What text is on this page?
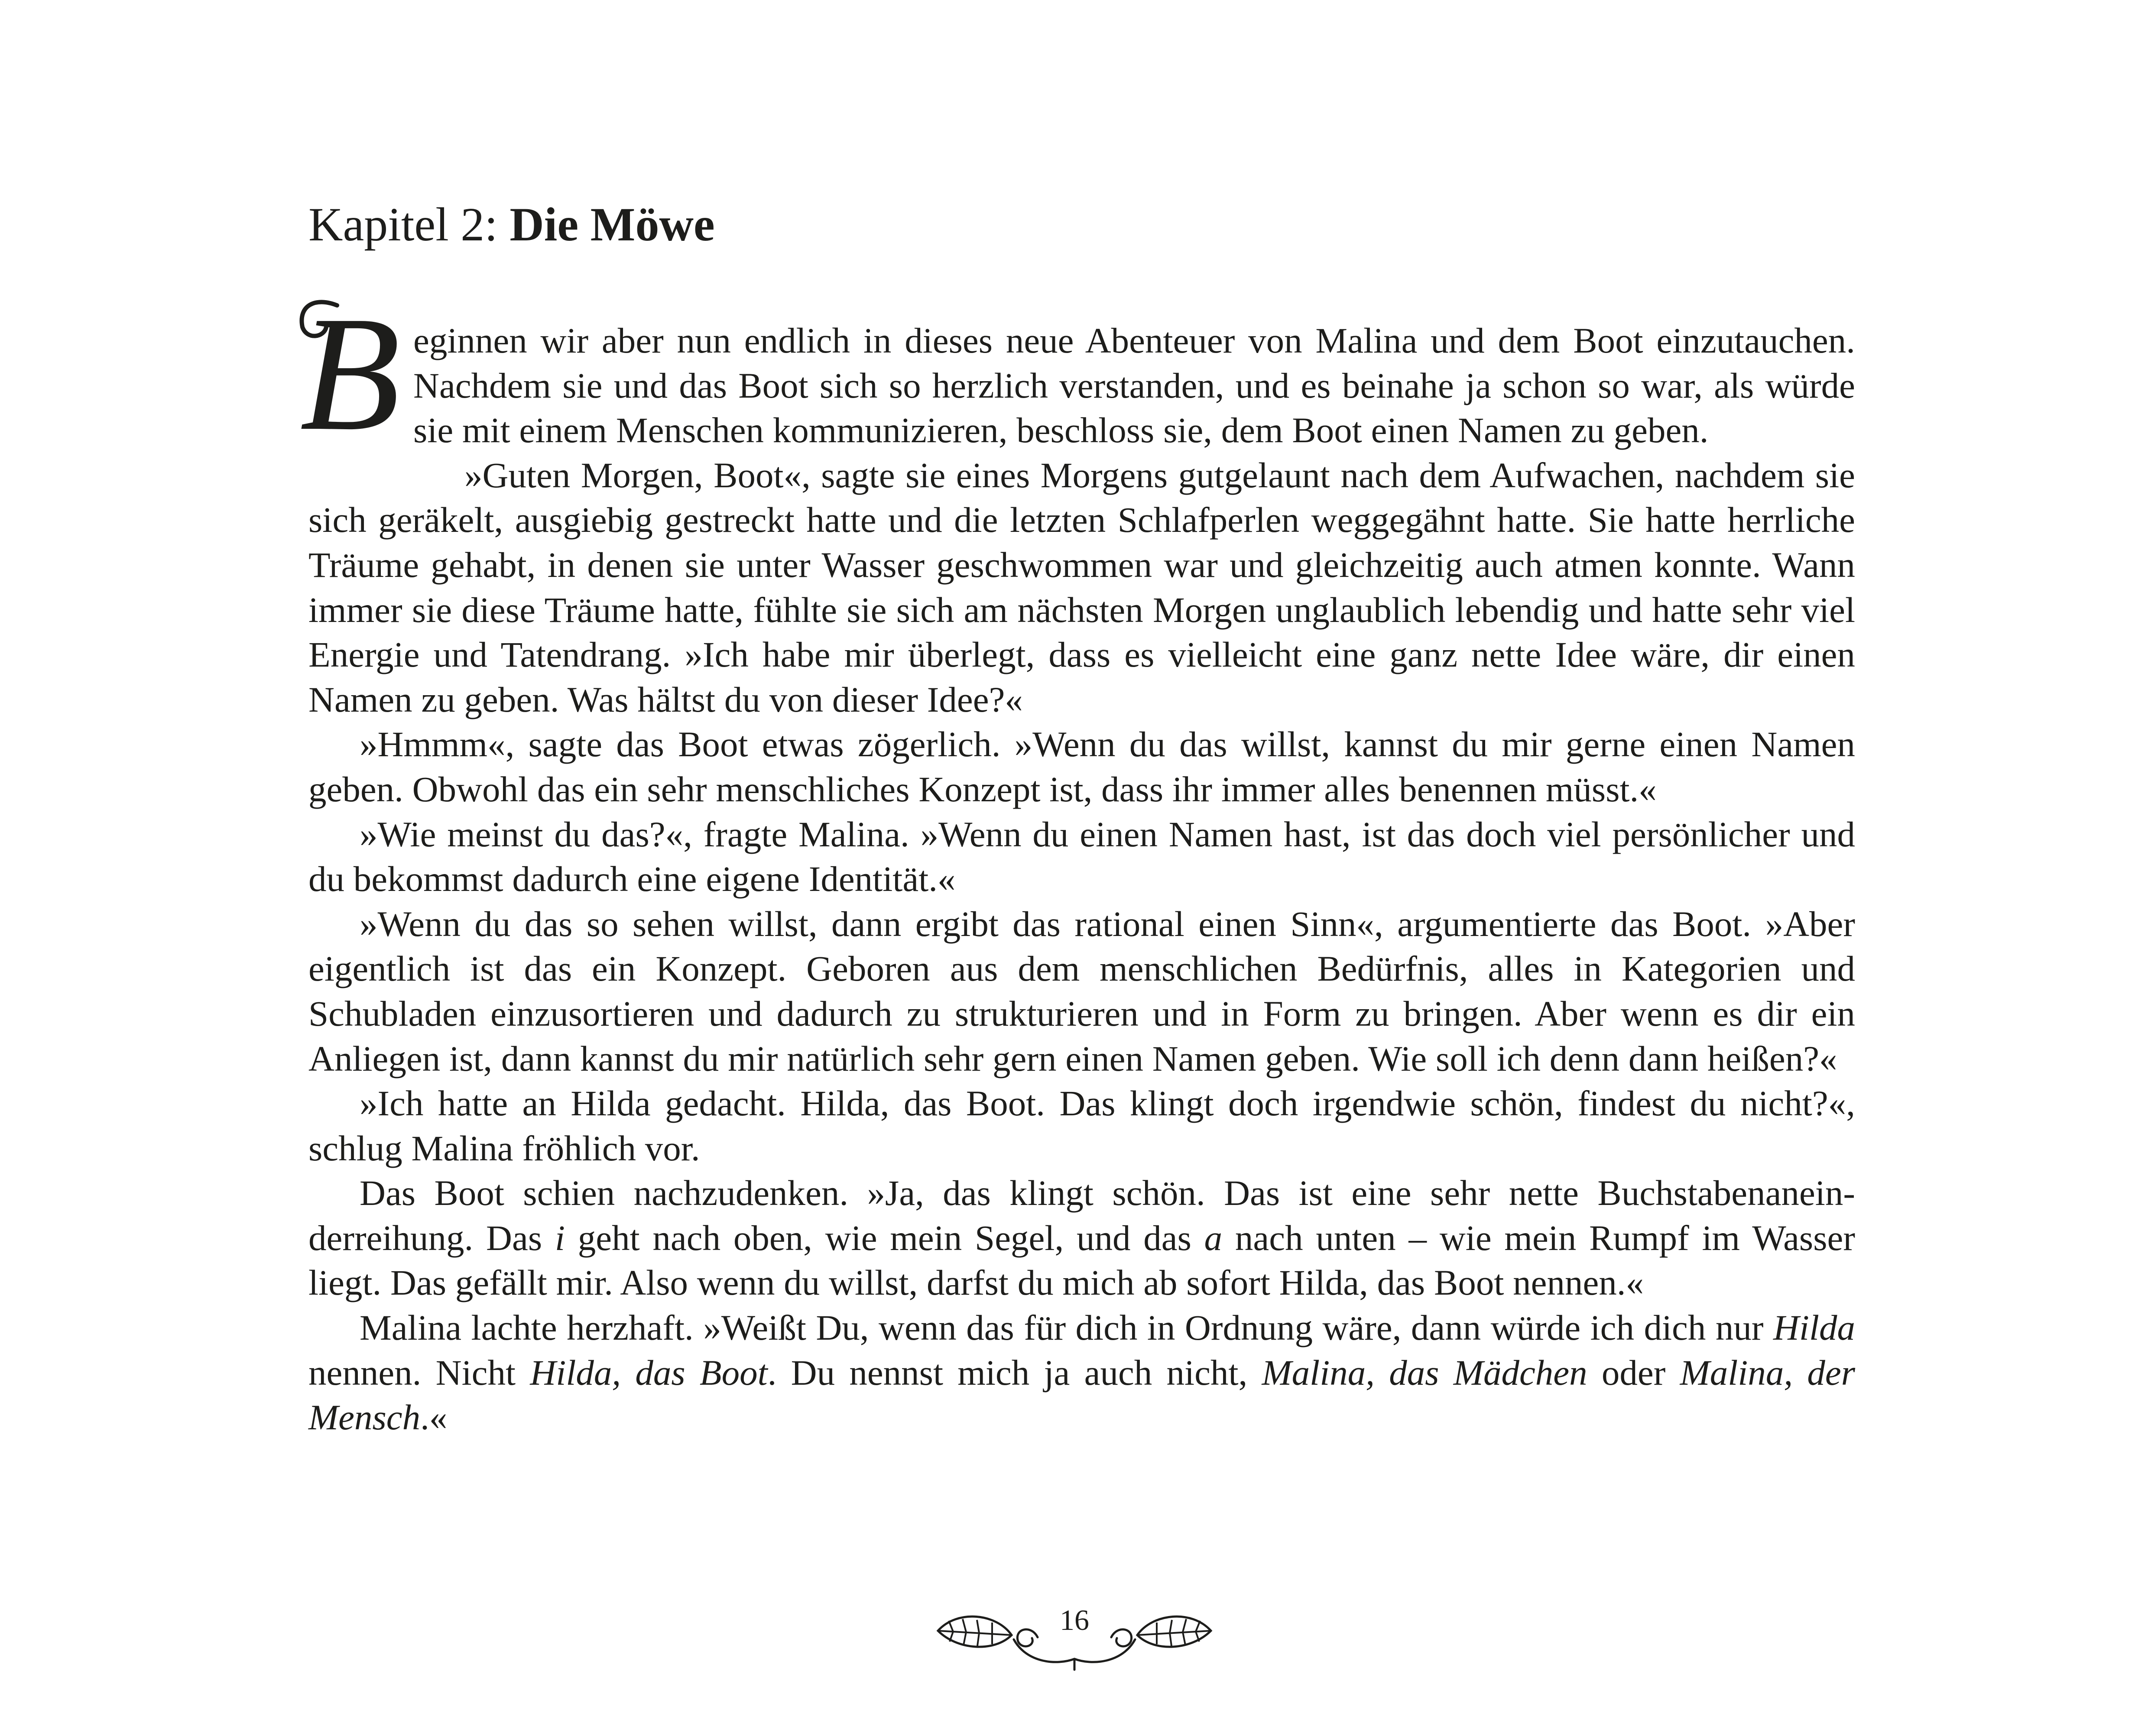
Kapitel 2: Die Möwe
B eginnen wir aber nun endlich in dieses neue Abenteuer von Malina und dem Boot einzutauchen. Nachdem sie und das Boot sich so herzlich verstanden, und es beinahe ja schon so war, als würde sie mit einem Menschen kommunizieren, beschloss sie, dem Boot einen Namen zu geben.

»Guten Morgen, Boot«, sagte sie eines Morgens gutgelaunt nach dem Aufwachen, nachdem sie sich geräkelt, ausgiebig gestreckt hatte und die letzten Schlafperlen weggegähnt hatte. Sie hatte herrliche Träume gehabt, in denen sie unter Wasser geschwommen war und gleichzeitig auch atmen konnte. Wann immer sie diese Träume hatte, fühlte sie sich am nächsten Morgen unglaublich lebendig und hatte sehr viel Energie und Tatendrang. »Ich habe mir überlegt, dass es vielleicht eine ganz nette Idee wäre, dir einen Namen zu geben. Was hältst du von dieser Idee?«

»Hmmm«, sagte das Boot etwas zögerlich. »Wenn du das willst, kannst du mir gerne einen Namen geben. Obwohl das ein sehr menschliches Konzept ist, dass ihr immer alles benennen müsst.«

»Wie meinst du das?«, fragte Malina. »Wenn du einen Namen hast, ist das doch viel persönlicher und du bekommst dadurch eine eigene Identität.«

»Wenn du das so sehen willst, dann ergibt das rational einen Sinn«, argumentierte das Boot. »Aber eigentlich ist das ein Konzept. Geboren aus dem menschlichen Bedürfnis, alles in Kategorien und Schubladen einzusortieren und dadurch zu strukturieren und in Form zu bringen. Aber wenn es dir ein Anliegen ist, dann kannst du mir natürlich sehr gern einen Namen geben. Wie soll ich denn dann heißen?«

»Ich hatte an Hilda gedacht. Hilda, das Boot. Das klingt doch irgendwie schön, findest du nicht?«, schlug Malina fröhlich vor.

Das Boot schien nachzudenken. »Ja, das klingt schön. Das ist eine sehr nette Buchstabenaneinderreihung. Das i geht nach oben, wie mein Segel, und das a nach unten – wie mein Rumpf im Wasser liegt. Das gefällt mir. Also wenn du willst, darfst du mich ab sofort Hilda, das Boot nennen.«

Malina lachte herzhaft. »Weißt Du, wenn das für dich in Ordnung wäre, dann würde ich dich nur Hilda nennen. Nicht Hilda, das Boot. Du nennst mich ja auch nicht, Malina, das Mädchen oder Malina, der Mensch.«

16
